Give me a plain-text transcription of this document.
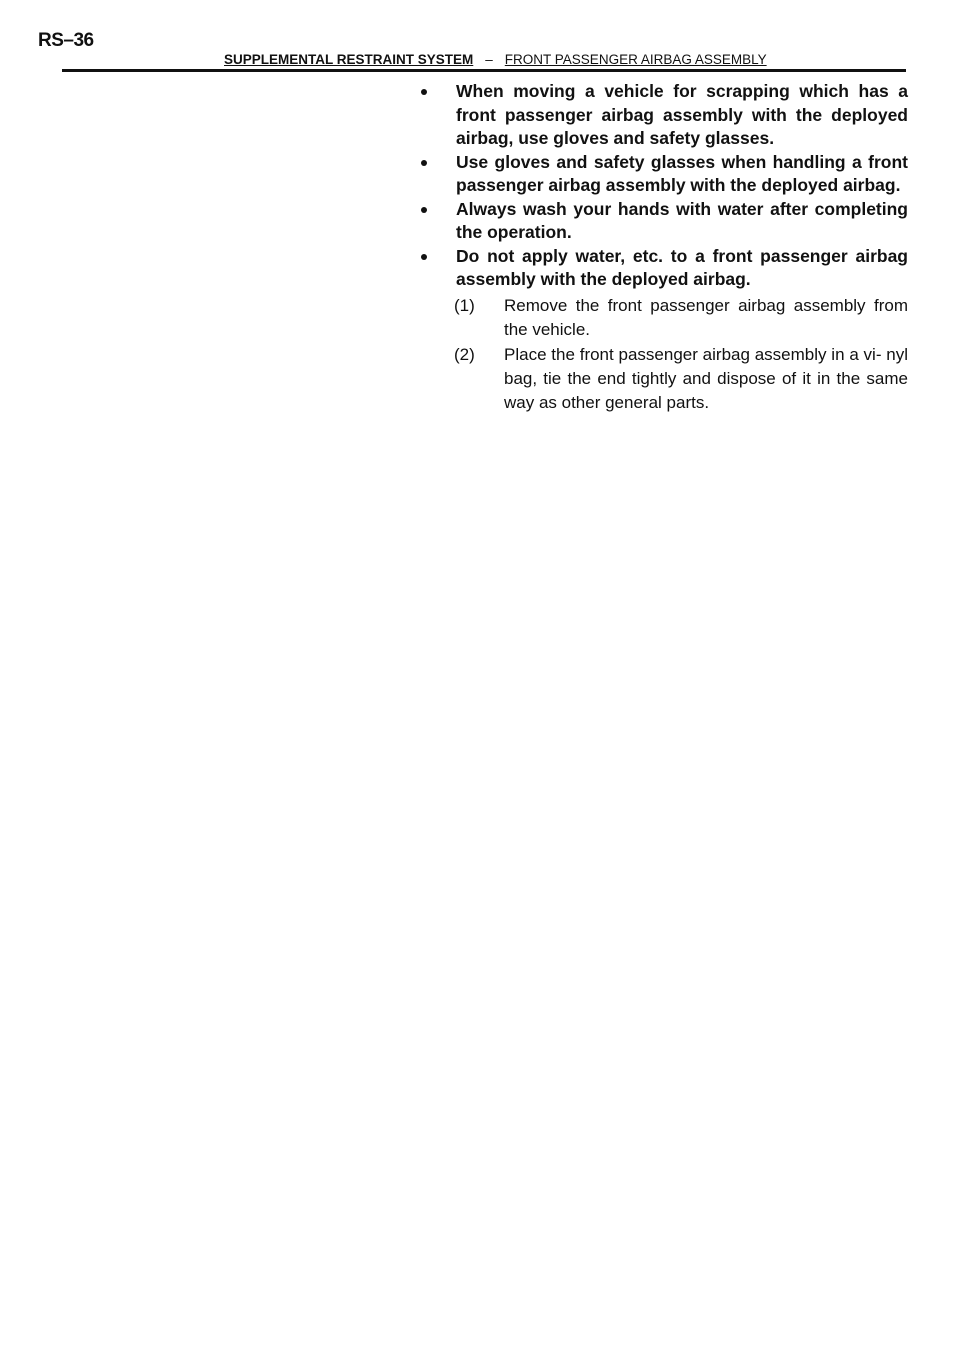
RS–36
SUPPLEMENTAL RESTRAINT SYSTEM – FRONT PASSENGER AIRBAG ASSEMBLY
When moving a vehicle for scrapping which has a front passenger airbag assembly with the deployed airbag, use gloves and safety glasses.
Use gloves and safety glasses when handling a front passenger airbag assembly with the deployed airbag.
Always wash your hands with water after completing the operation.
Do not apply water, etc. to a front passenger airbag assembly with the deployed airbag.
(1) Remove the front passenger airbag assembly from the vehicle.
(2) Place the front passenger airbag assembly in a vi- nyl bag, tie the end tightly and dispose of it in the same way as other general parts.
